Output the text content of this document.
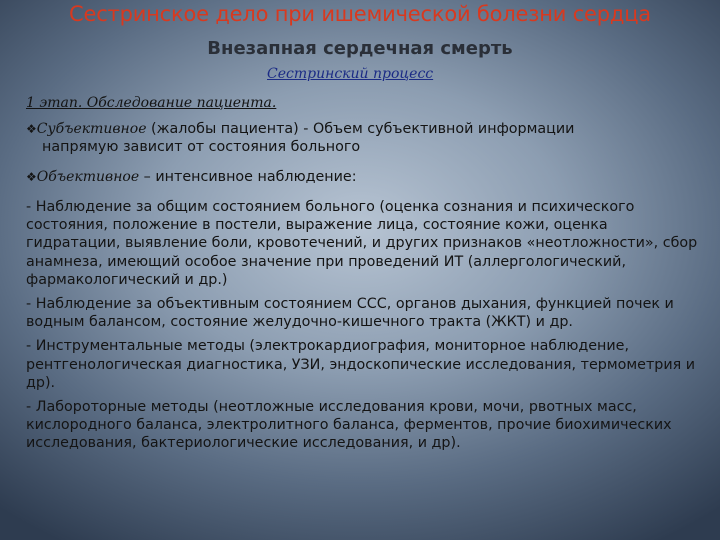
Сестринское дело при ишемической болезни сердца
Внезапная сердечная смерть
Сестринский процесс
1 этап. Обследование пациента.
❖Субъективное (жалобы пациента) - Объем субъективной информации
напрямую зависит от состояния больного
❖Объективное – интенсивное наблюдение:
- Наблюдение за общим состоянием больного (оценка сознания и психического состояния, положение в постели, выражение лица, состояние кожи, оценка гидратации, выявление боли, кровотечений, и других признаков «неотложности», сбор анамнеза, имеющий особое значение при проведений ИТ (аллергологический, фармакологический и др.)
- Наблюдение за объективным состоянием ССС, органов дыхания, функцией почек и водным балансом, состояние желудочно-кишечного тракта (ЖКТ) и др.
- Инструментальные методы (электрокардиография, мониторное наблюдение, рентгенологическая диагностика, УЗИ, эндоскопические исследования, термометрия и др).
- Лабороторные методы (неотложные исследования крови, мочи, рвотных масс, кислородного баланса, электролитного баланса, ферментов, прочие биохимических исследования, бактериологические исследования, и др).
